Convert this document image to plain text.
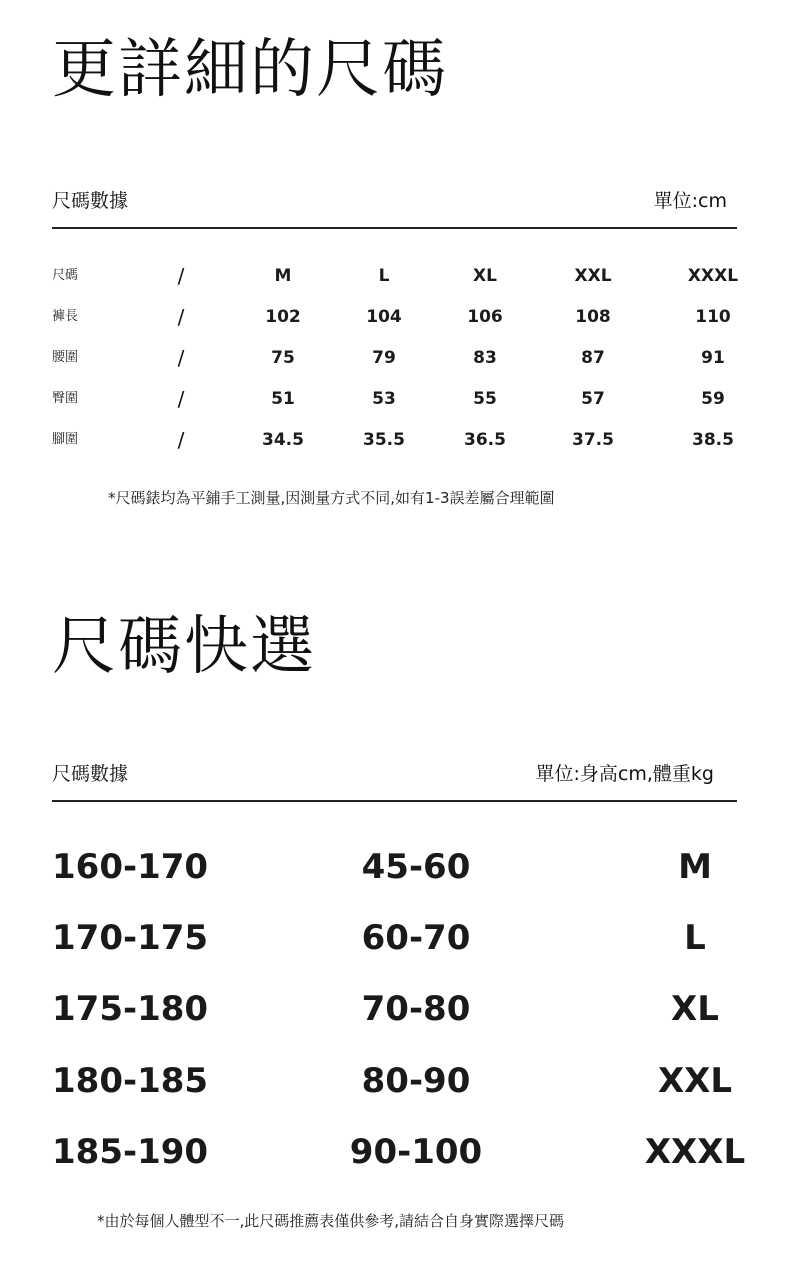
更詳細的尺碼
尺碼數據	單位:cm
尺碼	/	M	L	XL	XXL	XXXL
褲長	/	102	104	106	108	110
腰圍	/	75	79	83	87	91
臀圍	/	51	53	55	57	59
腳圍	/	34.5	35.5	36.5	37.5	38.5
*尺碼錶均為平鋪手工測量,因測量方式不同,如有1-3誤差屬合理範圍
尺碼快選
尺碼數據	單位:身高cm,體重kg
160-170	45-60	M
170-175	60-70	L
175-180	70-80	XL
180-185	80-90	XXL
185-190	90-100	XXXL
*由於每個人體型不一,此尺碼推薦表僅供參考,請結合自身實際選擇尺碼
